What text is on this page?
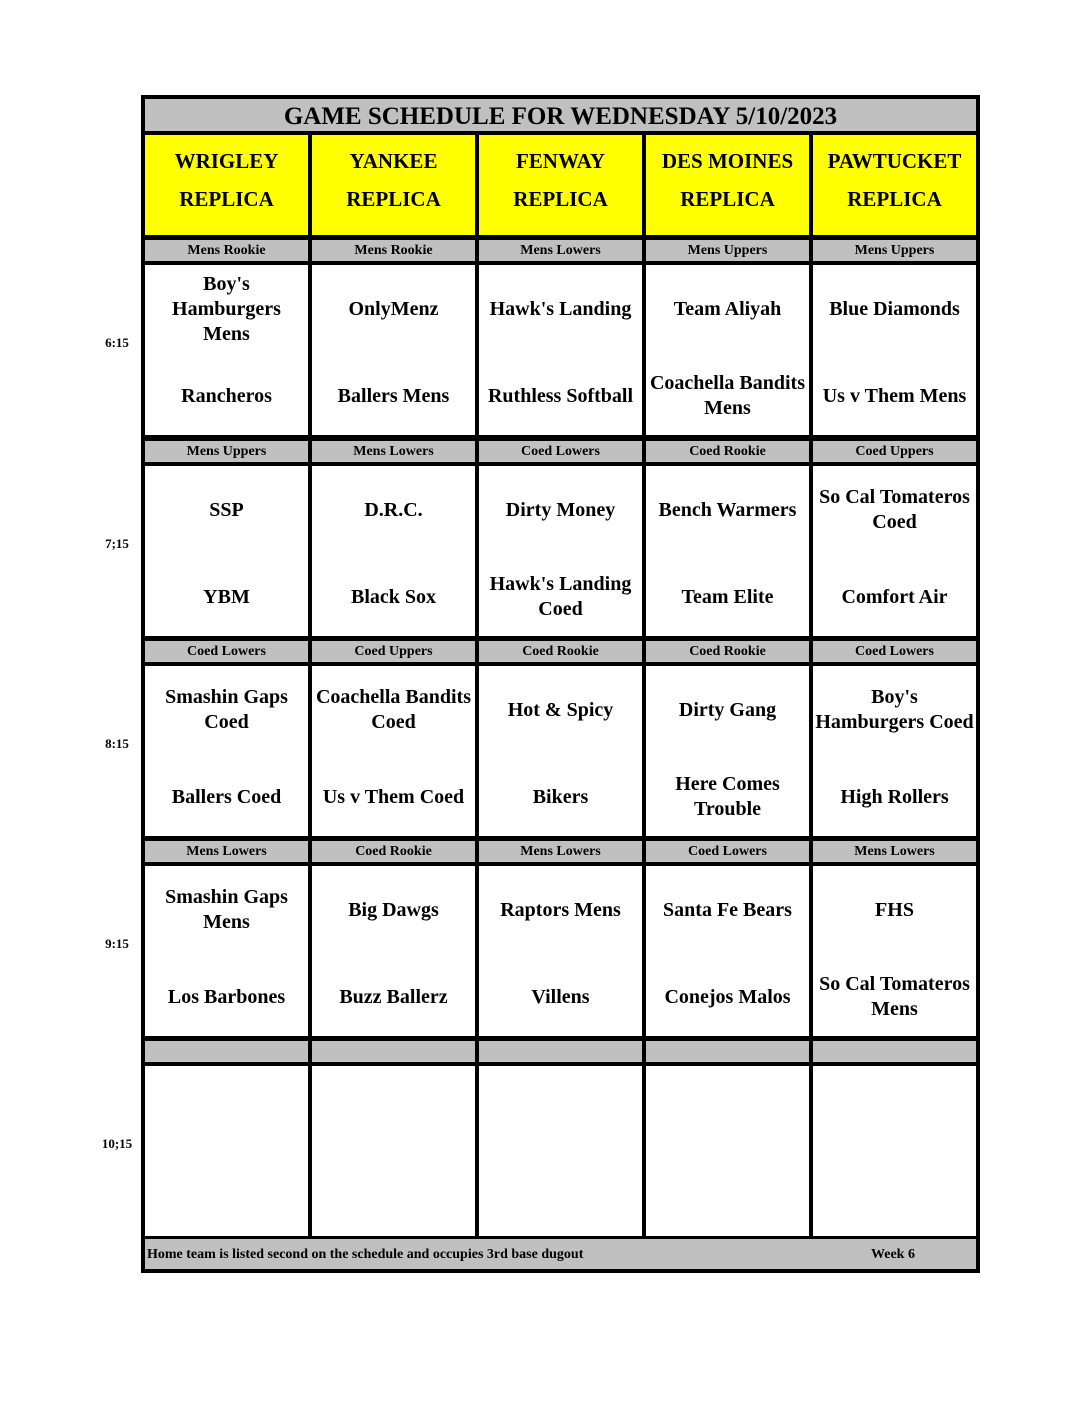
GAME SCHEDULE FOR WEDNESDAY 5/10/2023
Home team is listed second on the schedule and occupies 3rd base dugout	Week 6
WRIGLEY
REPLICA
YANKEE
REPLICA
FENWAY
REPLICA
DES MOINES
REPLICA
PAWTUCKET
REPLICA
Mens Rookie
Boy's Hamburgers Mens
Rancheros
Mens Rookie
OnlyMenz
Ballers Mens
Mens Lowers
Hawk's Landing
Ruthless Softball
Mens Uppers
Team Aliyah
Coachella Bandits Mens
Mens Uppers
Blue Diamonds
Us v Them Mens
Mens Uppers
SSP
YBM
Mens Lowers
D.R.C.
Black Sox
Coed Lowers
Dirty Money
Hawk's Landing Coed
Coed Rookie
Bench Warmers
Team Elite
Coed Uppers
So Cal Tomateros Coed
Comfort Air
Coed Lowers
Smashin Gaps Coed
Ballers Coed
Coed Uppers
Coachella Bandits Coed
Us v Them Coed
Coed Rookie
Hot & Spicy
Bikers
Coed Rookie
Dirty Gang
Here Comes Trouble
Coed Lowers
Boy's Hamburgers Coed
High Rollers
Mens Lowers
Smashin Gaps Mens
Los Barbones
Coed Rookie
Big Dawgs
Buzz Ballerz
Mens Lowers
Raptors Mens
Villens
Coed Lowers
Santa Fe Bears
Conejos Malos
Mens Lowers
FHS
So Cal Tomateros Mens
6:15
7;15
8:15
9:15
10;15
